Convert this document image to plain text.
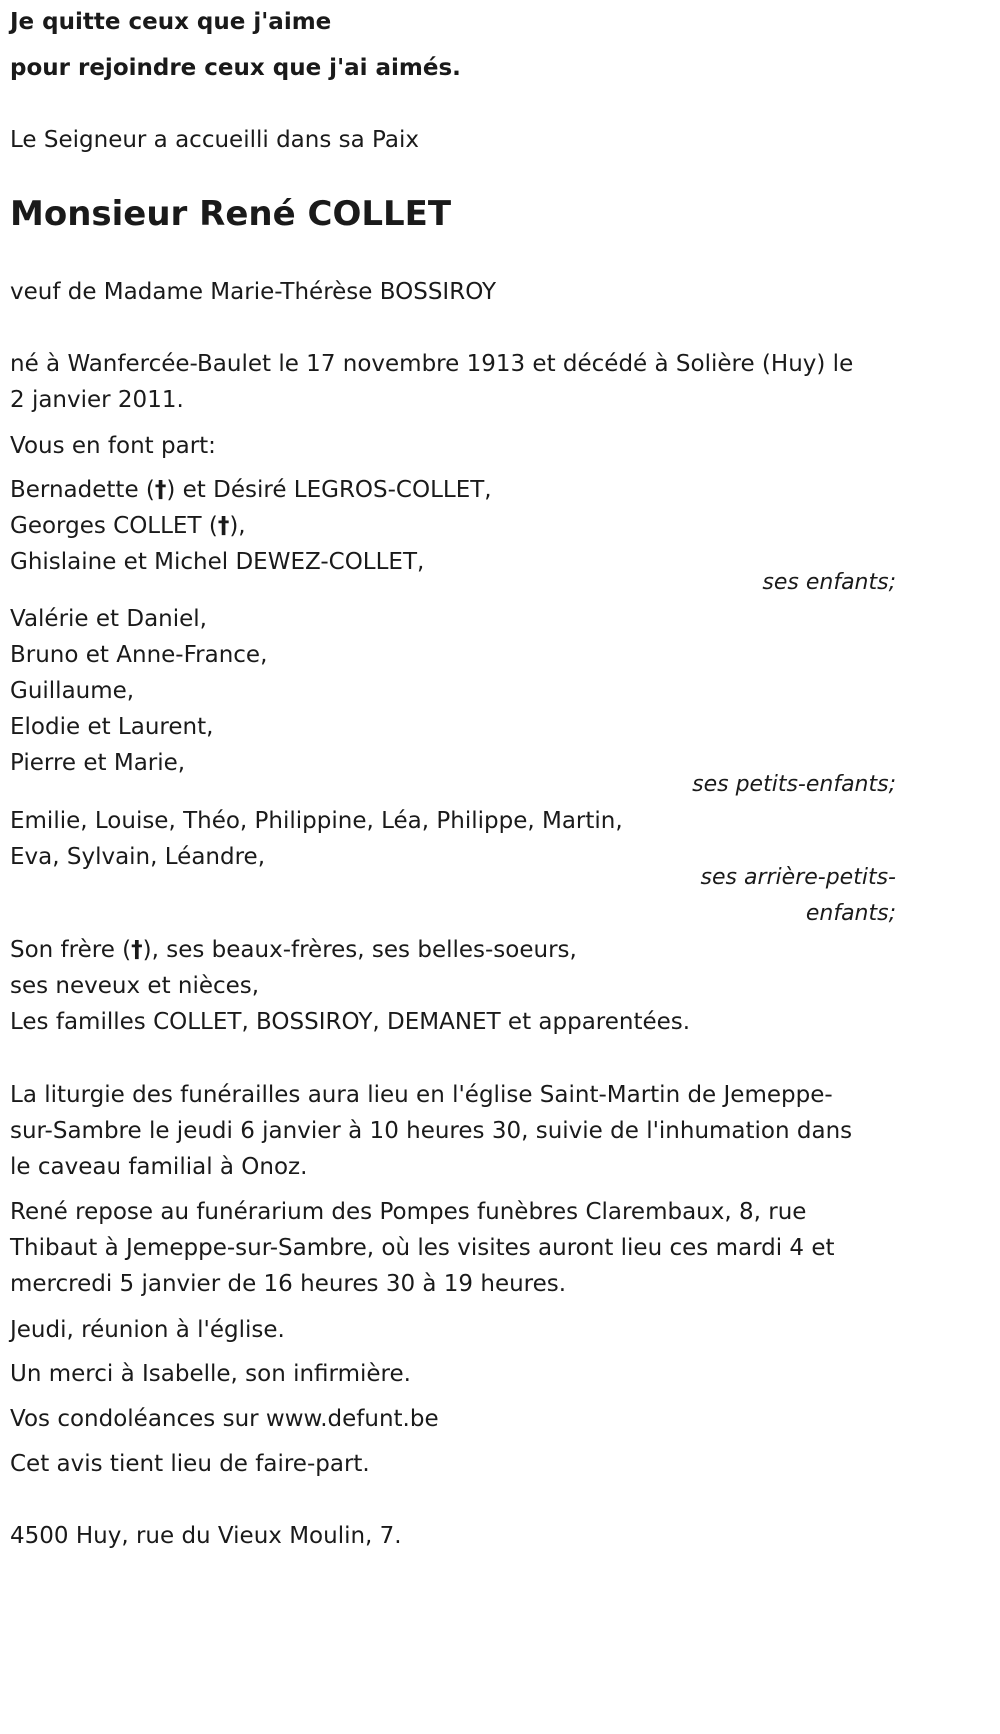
Je quitte ceux que j'aime
pour rejoindre ceux que j'ai aimés.
Le Seigneur a accueilli dans sa Paix
Monsieur René COLLET
veuf de Madame Marie-Thérèse BOSSIROY
né à Wanfercée-Baulet le 17 novembre 1913 et décédé à Solière (Huy) le
2 janvier 2011.
Vous en font part:
Bernadette (†) et Désiré LEGROS-COLLET,
Georges COLLET (†),
Ghislaine et Michel DEWEZ-COLLET,
ses enfants;
Valérie et Daniel,
Bruno et Anne-France,
Guillaume,
Elodie et Laurent,
Pierre et Marie,
ses petits-enfants;
Emilie, Louise, Théo, Philippine, Léa, Philippe, Martin,
Eva, Sylvain, Léandre,
ses arrière-petits-
enfants;
Son frère (†), ses beaux-frères, ses belles-soeurs,
ses neveux et nièces,
Les familles COLLET, BOSSIROY, DEMANET et apparentées.
La liturgie des funérailles aura lieu en l'église Saint-Martin de Jemeppe-
sur-Sambre le jeudi 6 janvier à 10 heures 30, suivie de l'inhumation dans
le caveau familial à Onoz.
René repose au funérarium des Pompes funèbres Clarembaux, 8, rue
Thibaut à Jemeppe-sur-Sambre, où les visites auront lieu ces mardi 4 et
mercredi 5 janvier de 16 heures 30 à 19 heures.
Jeudi, réunion à l'église.
Un merci à Isabelle, son infirmière.
Vos condoléances sur www.defunt.be
Cet avis tient lieu de faire-part.
4500 Huy, rue du Vieux Moulin, 7.
